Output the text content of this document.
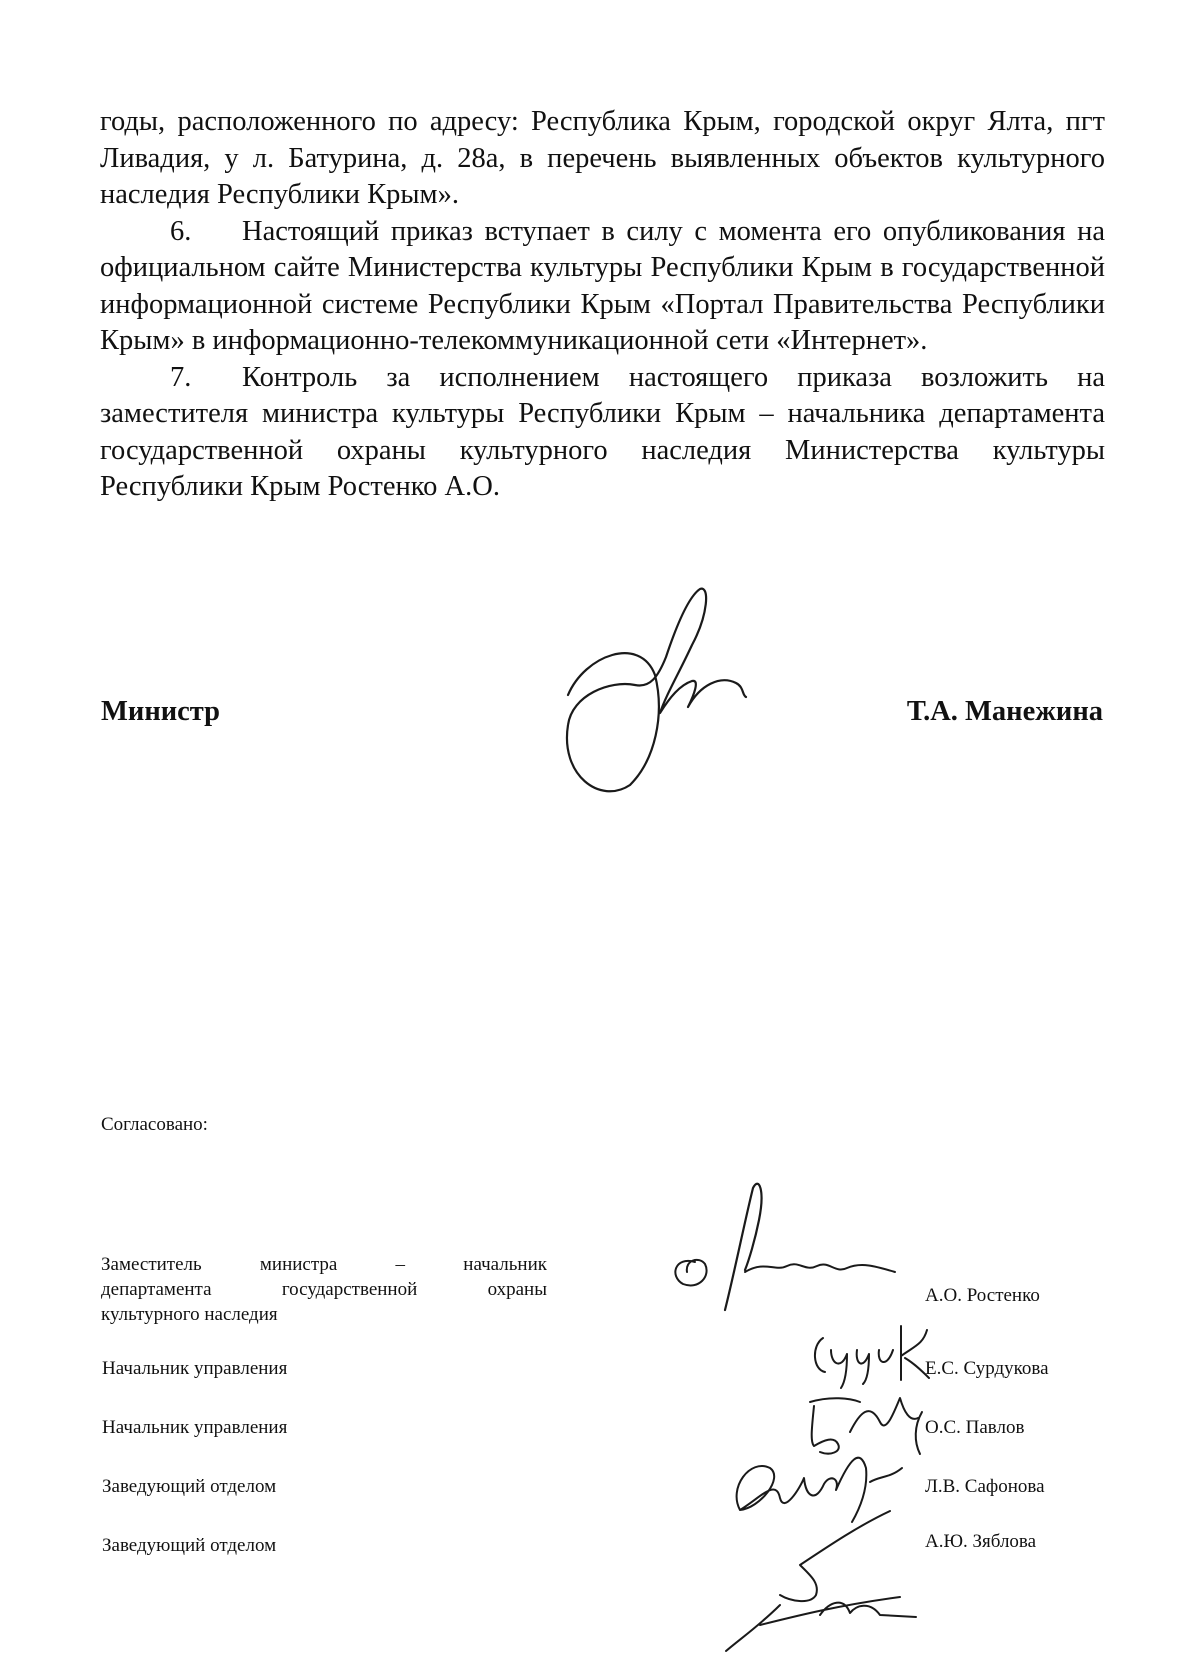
годы, расположенного по адресу: Республика Крым, городской округ Ялта, пгт Ливадия, у л. Батурина, д. 28а, в перечень выявленных объектов культурного наследия Республики Крым».

6. Настоящий приказ вступает в силу с момента его опубликования на официальном сайте Министерства культуры Республики Крым в государственной информационной системе Республики Крым «Портал Правительства Республики Крым» в информационно-телекоммуникационной сети «Интернет».

7. Контроль за исполнением настоящего приказа возложить на заместителя министра культуры Республики Крым – начальника департамента государственной охраны культурного наследия Министерства культуры Республики Крым Ростенко А.О.

Министр	Т.А. Манежина
Согласовано:
Заместитель министра – начальник
департамента государственной охраны
культурного наследия
Начальник управления
Начальник управления
Заведующий отделом
Заведующий отделом
А.О. Ростенко
Е.С. Сурдукова
О.С. Павлов
Л.В. Сафонова
А.Ю. Зяблова
